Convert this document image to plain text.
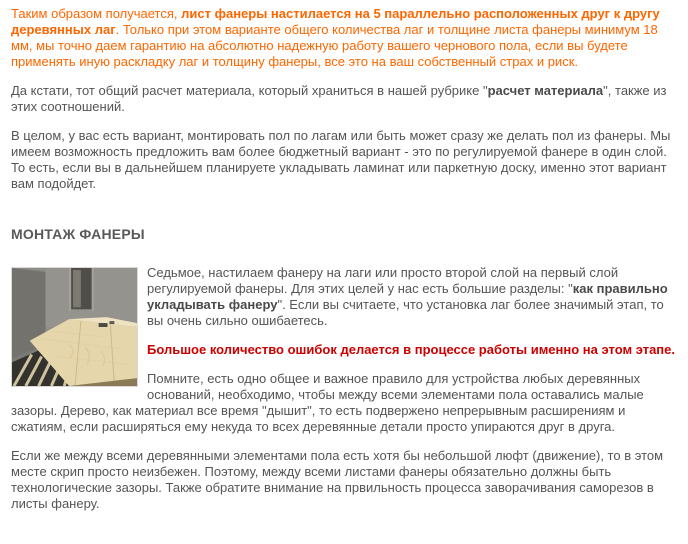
Таким образом получается, лист фанеры настилается на 5 параллельно расположенных друг к другу деревянных лаг. Только при этом варианте общего количества лаг и толщине листа фанеры минимум 18 мм, мы точно даем гарантию на абсолютно надежную работу вашего чернового пола, если вы будете применять иную раскладку лаг и толщину фанеры, все это на ваш собственный страх и риск.

Да кстати, тот общий расчет материала, который храниться в нашей рубрике "расчет материала", также из этих соотношений.

В целом, у вас есть вариант, монтировать пол по лагам или быть может сразу же делать пол из фанеры. Мы имеем возможность предложить вам более бюджетный вариант - это по регулируемой фанере в один слой. То есть, если вы в дальнейшем планируете укладывать ламинат или паркетную доску, именно этот вариант вам подойдет.

МОНТАЖ ФАНЕРЫ

Седьмое, настилаем фанеру на лаги или просто второй слой на первый слой регулируемой фанеры. Для этих целей у нас есть большие разделы: "как правильно укладывать фанеру". Если вы считаете, что установка лаг более значимый этап, то вы очень сильно ошибаетесь.

Большое количество ошибок делается в процессе работы именно на этом этапе.

Помните, есть одно общее и важное правило для устройства любых деревянных оснований, необходимо, чтобы между всеми элементами пола оставались малые зазоры. Дерево, как материал все время "дышит", то есть подвержено непрерывным расширениям и сжатиям, если расширяться ему некуда то всех деревянные детали просто упираются друг в друга.

Если же между всеми деревянными элементами пола есть хотя бы небольшой люфт (движение), то в этом месте скрип просто неизбежен. Поэтому, между всеми листами фанеры обязательно должны быть технологические зазоры. Также обратите внимание на првильность процесса заворачивания саморезов в листы фанеру.
